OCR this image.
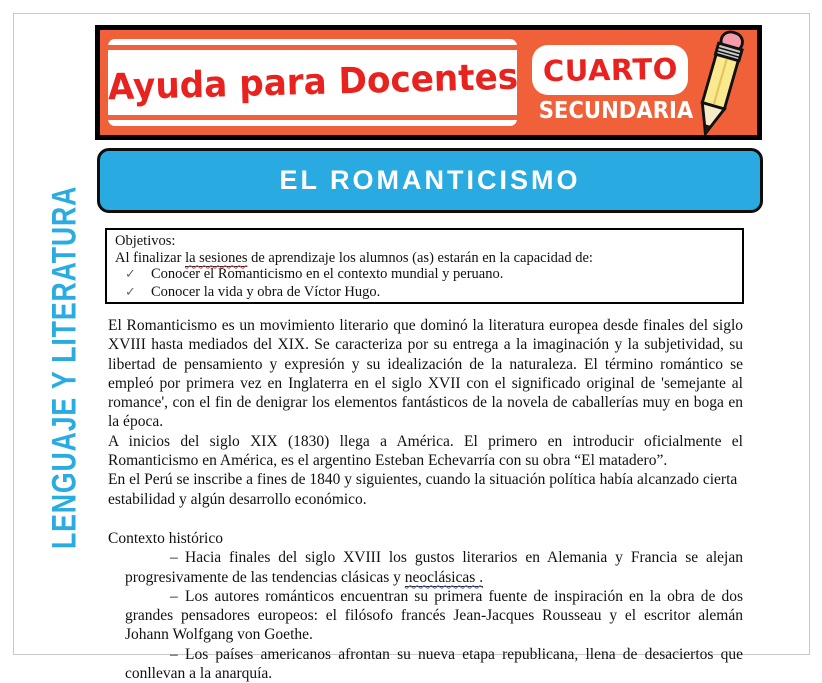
Ayuda para Docentes CUARTO
SECUNDARIA
EL ROMANTICISMO
LENGUAJE Y LITERATURA Objetivos:
Al finalizar la sesiones de aprendizaje los alumnos (as) estarán en la capacidad de:
✓ Conocer el Romanticismo en el contexto mundial y peruano.
✓ Conocer la vida y obra de Víctor Hugo.

El Romanticismo es un movimiento literario que dominó la literatura europea desde finales del siglo XVIII hasta mediados del XIX. Se caracteriza por su entrega a la imaginación y la subjetividad, su libertad de pensamiento y expresión y su idealización de la naturaleza. El término romántico se empleó por primera vez en Inglaterra en el siglo XVII con el significado original de 'semejante al romance', con el fin de denigrar los elementos fantásticos de la novela de caballerías muy en boga en la época.

A inicios del siglo XIX (1830) llega a América. El primero en introducir oficialmente el Romanticismo en América, es el argentino Esteban Echevarría con su obra “El matadero”.

En el Perú se inscribe a fines de 1840 y siguientes, cuando la situación política había alcanzado cierta estabilidad y algún desarrollo económico.

Contexto histórico

– Hacia finales del siglo XVIII los gustos literarios en Alemania y Francia se alejan progresivamente de las tendencias clásicas y neoclásicas .
– Los autores románticos encuentran su primera fuente de inspiración en la obra de dos grandes pensadores europeos: el filósofo francés Jean-Jacques Rousseau y el escritor alemán Johann Wolfgang von Goethe.
– Los países americanos afrontan su nueva etapa republicana, llena de desaciertos que conllevan a la anarquía.
